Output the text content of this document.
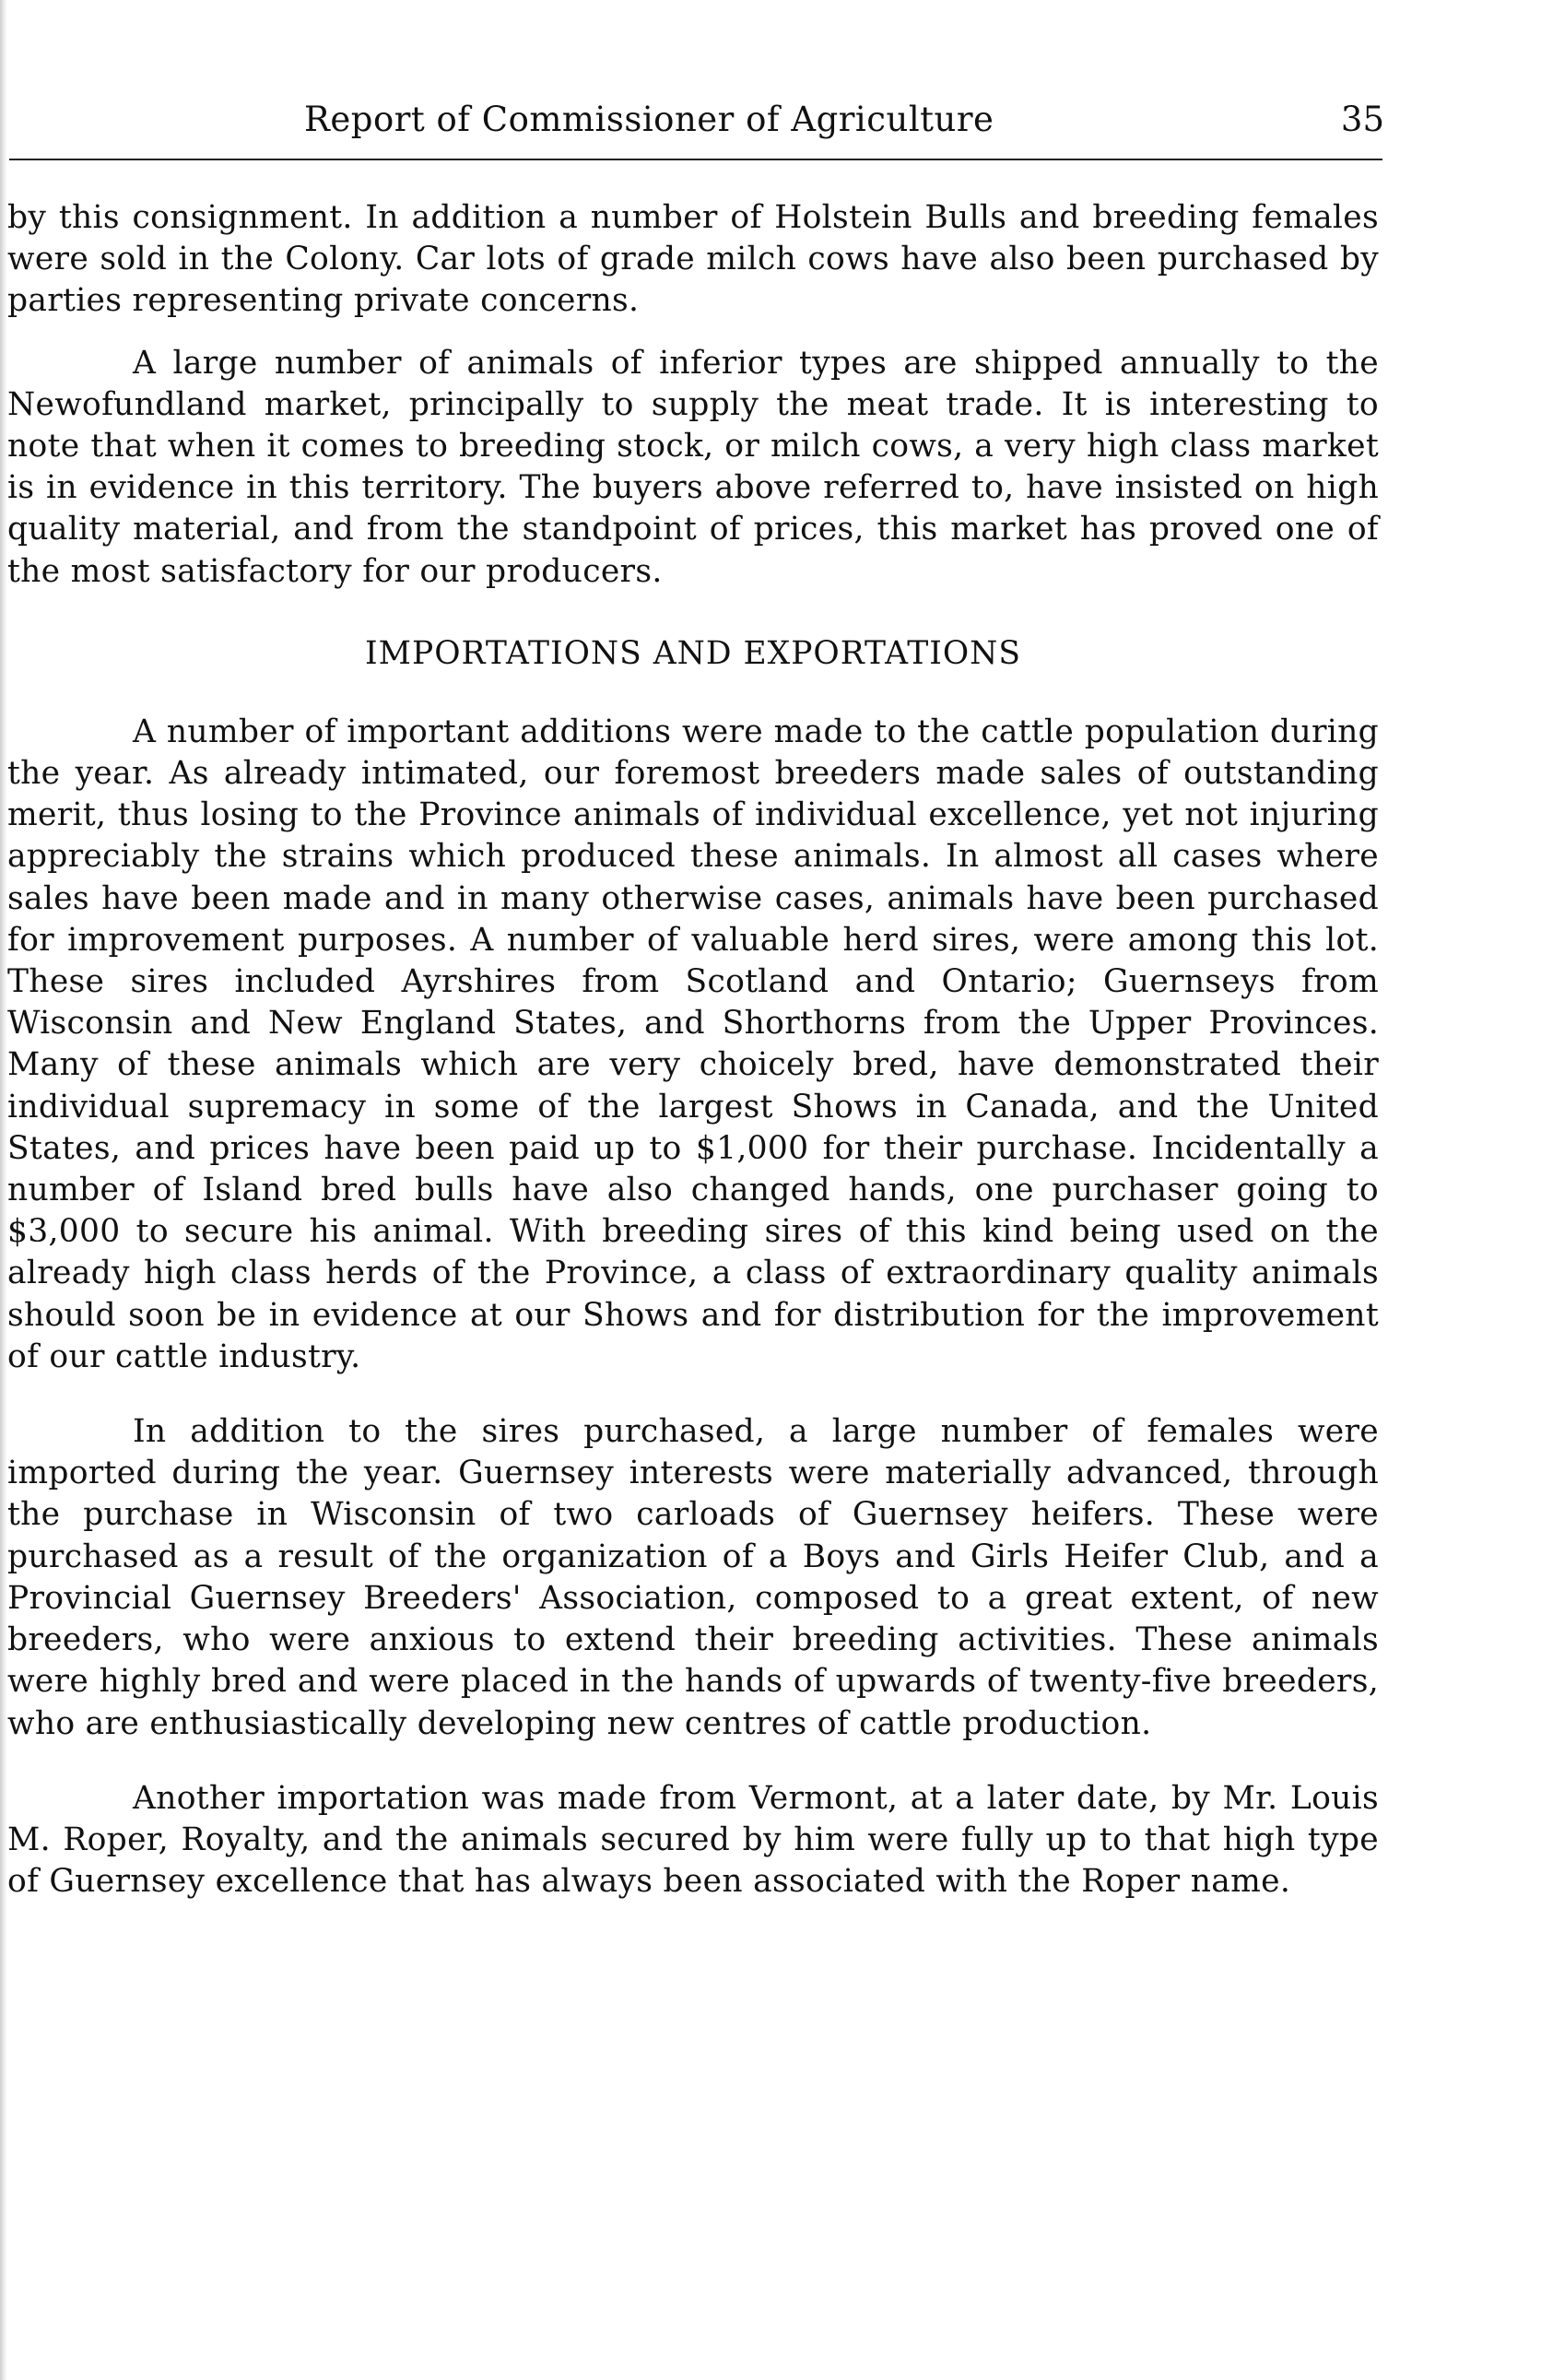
Report of Commissioner of Agriculture	35

by this consignment. In addition a number of Holstein Bulls and breeding females were sold in the Colony. Car lots of grade milch cows have also been purchased by parties representing private concerns.

A large number of animals of inferior types are shipped annually to the Newofundland market, principally to supply the meat trade. It is interesting to note that when it comes to breeding stock, or milch cows, a very high class market is in evidence in this territory. The buyers above referred to, have insisted on high quality material, and from the standpoint of prices, this market has proved one of the most satisfactory for our producers.

IMPORTATIONS AND EXPORTATIONS

A number of important additions were made to the cattle population during the year. As already intimated, our foremost breeders made sales of outstanding merit, thus losing to the Province animals of individual excellence, yet not injuring appreciably the strains which produced these animals. In almost all cases where sales have been made and in many otherwise cases, animals have been purchased for improvement purposes. A number of valuable herd sires, were among this lot. These sires included Ayrshires from Scotland and Ontario; Guernseys from Wisconsin and New England States, and Shorthorns from the Upper Provinces. Many of these animals which are very choicely bred, have demonstrated their individual supremacy in some of the largest Shows in Canada, and the United States, and prices have been paid up to $1,000 for their purchase. Incidentally a number of Island bred bulls have also changed hands, one purchaser going to $3,000 to secure his animal. With breeding sires of this kind being used on the already high class herds of the Province, a class of extraordinary quality animals should soon be in evidence at our Shows and for distribution for the improvement of our cattle industry.

In addition to the sires purchased, a large number of females were imported during the year. Guernsey interests were materially advanced, through the purchase in Wisconsin of two carloads of Guernsey heifers. These were purchased as a result of the organization of a Boys and Girls Heifer Club, and a Provincial Guernsey Breeders' Association, composed to a great extent, of new breeders, who were anxious to extend their breeding activities. These animals were highly bred and were placed in the hands of upwards of twenty-five breeders, who are enthusiastically developing new centres of cattle production.

Another importation was made from Vermont, at a later date, by Mr. Louis M. Roper, Royalty, and the animals secured by him were fully up to that high type of Guernsey excellence that has always been associated with the Roper name.
